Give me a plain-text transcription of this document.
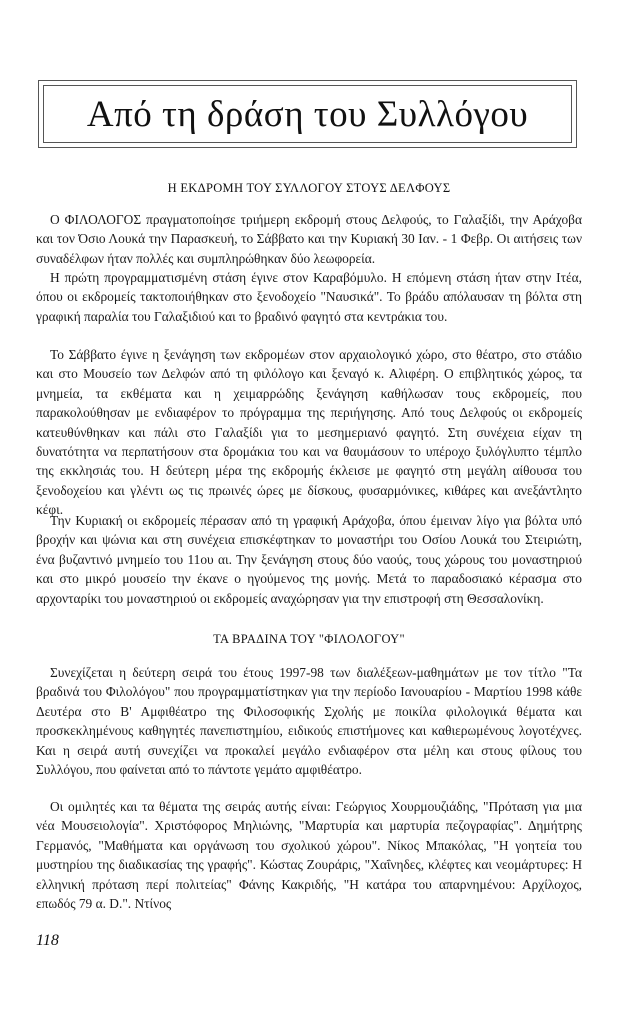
Από τη δράση του Συλλόγου
Η ΕΚΔΡΟΜΗ ΤΟΥ ΣΥΛΛΟΓΟΥ ΣΤΟΥΣ ΔΕΛΦΟΥΣ

Ο ΦΙΛΟΛΟΓΟΣ πραγματοποίησε τριήμερη εκδρομή στους Δελφούς, το Γαλαξίδι, την Αράχοβα και τον Όσιο Λουκά την Παρασκευή, το Σάββατο και την Κυριακή 30 Ιαν. - 1 Φεβρ. Οι αιτήσεις των συναδέλφων ήταν πολλές και συμπληρώθηκαν δύο λεωφορεία.

Η πρώτη προγραμματισμένη στάση έγινε στον Καραβόμυλο. Η επόμενη στάση ήταν στην Ιτέα, όπου οι εκδρομείς τακτοποιήθηκαν στο ξενοδοχείο "Ναυσικά". Το βράδυ απόλαυσαν τη βόλτα στη γραφική παραλία του Γαλαξιδιού και το βραδινό φαγητό στα κεντράκια του.

Το Σάββατο έγινε η ξενάγηση των εκδρομέων στον αρχαιολογικό χώρο, στο θέατρο, στο στάδιο και στο Μουσείο των Δελφών από τη φιλόλογο και ξεναγό κ. Αλιφέρη. Ο επιβλητικός χώρος, τα μνημεία, τα εκθέματα και η χειμαρρώδης ξενάγηση καθήλωσαν τους εκδρομείς, που παρακολούθησαν με ενδιαφέρον το πρόγραμμα της περιήγησης. Από τους Δελφούς οι εκδρομείς κατευθύνθηκαν και πάλι στο Γαλαξίδι για το μεσημεριανό φαγητό. Στη συνέχεια είχαν τη δυνατότητα να περπατήσουν στα δρομάκια του και να θαυμάσουν το υπέροχο ξυλόγλυπτο τέμπλο της εκκλησιάς του. Η δεύτερη μέρα της εκδρομής έκλεισε με φαγητό στη μεγάλη αίθουσα του ξενοδοχείου και γλέντι ως τις πρωινές ώρες με δίσκους, φυσαρμόνικες, κιθάρες και ανεξάντλητο κέφι.

Την Κυριακή οι εκδρομείς πέρασαν από τη γραφική Αράχοβα, όπου έμειναν λίγο για βόλτα υπό βροχήν και ψώνια και στη συνέχεια επισκέφτηκαν το μοναστήρι του Οσίου Λουκά του Στειριώτη, ένα βυζαντινό μνημείο του 11ου αι. Την ξενάγηση στους δύο ναούς, τους χώρους του μοναστηριού και στο μικρό μουσείο την έκανε ο ηγούμενος της μονής. Μετά το παραδοσιακό κέρασμα στο αρχονταρίκι του μοναστηριού οι εκδρομείς αναχώρησαν για την επιστροφή στη Θεσσαλονίκη.

ΤΑ ΒΡΑΔΙΝΑ ΤΟΥ "ΦΙΛΟΛΟΓΟΥ"

Συνεχίζεται η δεύτερη σειρά του έτους 1997-98 των διαλέξεων-μαθημάτων με τον τίτλο "Τα βραδινά του Φιλολόγου" που προγραμματίστηκαν για την περίοδο Ιανουαρίου - Μαρτίου 1998 κάθε Δευτέρα στο Β' Αμφιθέατρο της Φιλοσοφικής Σχολής με ποικίλα φιλολογικά θέματα και προσκεκλημένους καθηγητές πανεπιστημίου, ειδικούς επιστήμονες και καθιερωμένους λογοτέχνες. Και η σειρά αυτή συνεχίζει να προκαλεί μεγάλο ενδιαφέρον στα μέλη και στους φίλους του Συλλόγου, που φαίνεται από το πάντοτε γεμάτο αμφιθέατρο.

Οι ομιλητές και τα θέματα της σειράς αυτής είναι: Γεώργιος Χουρμουζιάδης, "Πρόταση για μια νέα Μουσειολογία". Χριστόφορος Μηλιώνης, "Μαρτυρία και μαρτυρία πεζογραφίας". Δημήτρης Γερμανός, "Μαθήματα και οργάνωση του σχολικού χώρου". Νίκος Μπακόλας, "Η γοητεία του μυστηρίου της διαδικασίας της γραφής". Κώστας Ζουράρις, "Χαΐνηδες, κλέφτες και νεομάρτυρες: Η ελληνική πρόταση περί πολιτείας" Φάνης Κακριδής, "Η κατάρα του απαρνημένου: Αρχίλοχος, επωδός 79 α. D.". Ντίνος

118
